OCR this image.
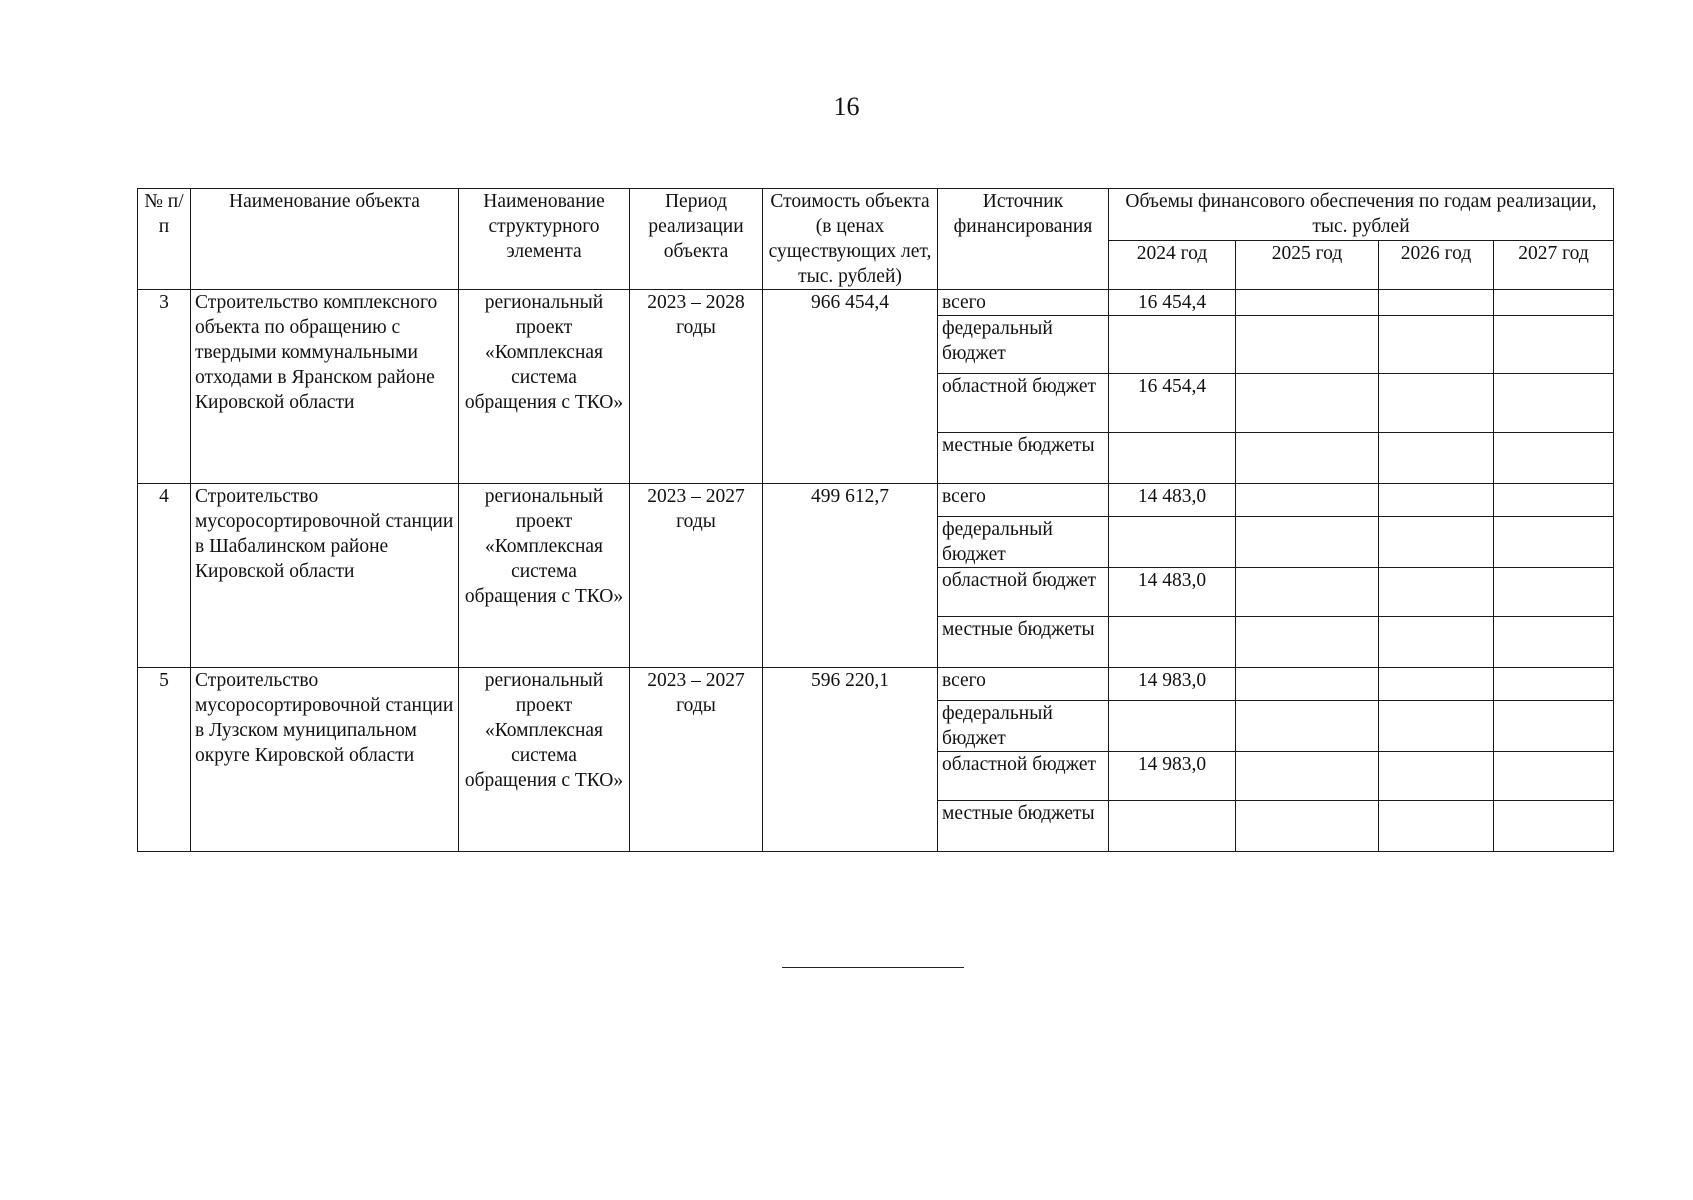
16
№ п/п	Наименование объекта	Наименование структурного элемента	Период реализации объекта	Стоимость объекта (в ценах существующих лет, тыс. рублей)	Источник финансирования	Объемы финансового обеспечения по годам реализации, тыс. рублей			
						2024 год	2025 год	2026 год	2027 год
3	Строительство комплексного объекта по обращению с твердыми коммунальными отходами в Яранском районе Кировской области	региональный проект «Комплексная система обращения с ТКО»	2023 – 2028 годы	966 454,4	всего	16 454,4			
					федеральный бюджет				
					областной бюджет	16 454,4			
					местные бюджеты				
4	Строительство мусоросортировочной станции в Шабалинском районе Кировской области	региональный проект «Комплексная система обращения с ТКО»	2023 – 2027 годы	499 612,7	всего	14 483,0			
					федеральный бюджет				
					областной бюджет	14 483,0			
					местные бюджеты				
5	Строительство мусоросортировочной станции в Лузском муниципальном округе Кировской области	региональный проект «Комплексная система обращения с ТКО»	2023 – 2027 годы	596 220,1	всего	14 983,0			
					федеральный бюджет				
					областной бюджет	14 983,0			
					местные бюджеты				
